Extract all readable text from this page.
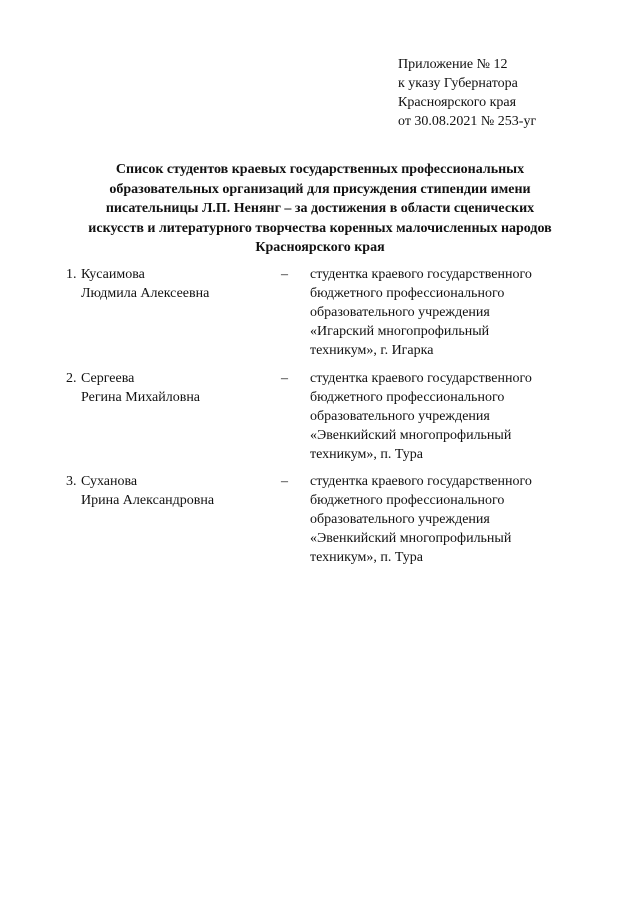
Приложение № 12
к указу Губернатора
Красноярского края
от 30.08.2021 № 253-уг
Список студентов краевых государственных профессиональных
образовательных организаций для присуждения стипендии имени
писательницы Л.П. Ненянг – за достижения в области сценических
искусств и литературного творчества коренных малочисленных народов
Красноярского края
1. Кусаимова
Людмила Алексеевна
– студентка краевого государственного
бюджетного профессионального
образовательного учреждения
«Игарский многопрофильный
техникум», г. Игарка
2. Сергеева
Регина Михайловна
– студентка краевого государственного
бюджетного профессионального
образовательного учреждения
«Эвенкийский многопрофильный
техникум», п. Тура
3. Суханова
Ирина Александровна
– студентка краевого государственного
бюджетного профессионального
образовательного учреждения
«Эвенкийский многопрофильный
техникум», п. Тура
